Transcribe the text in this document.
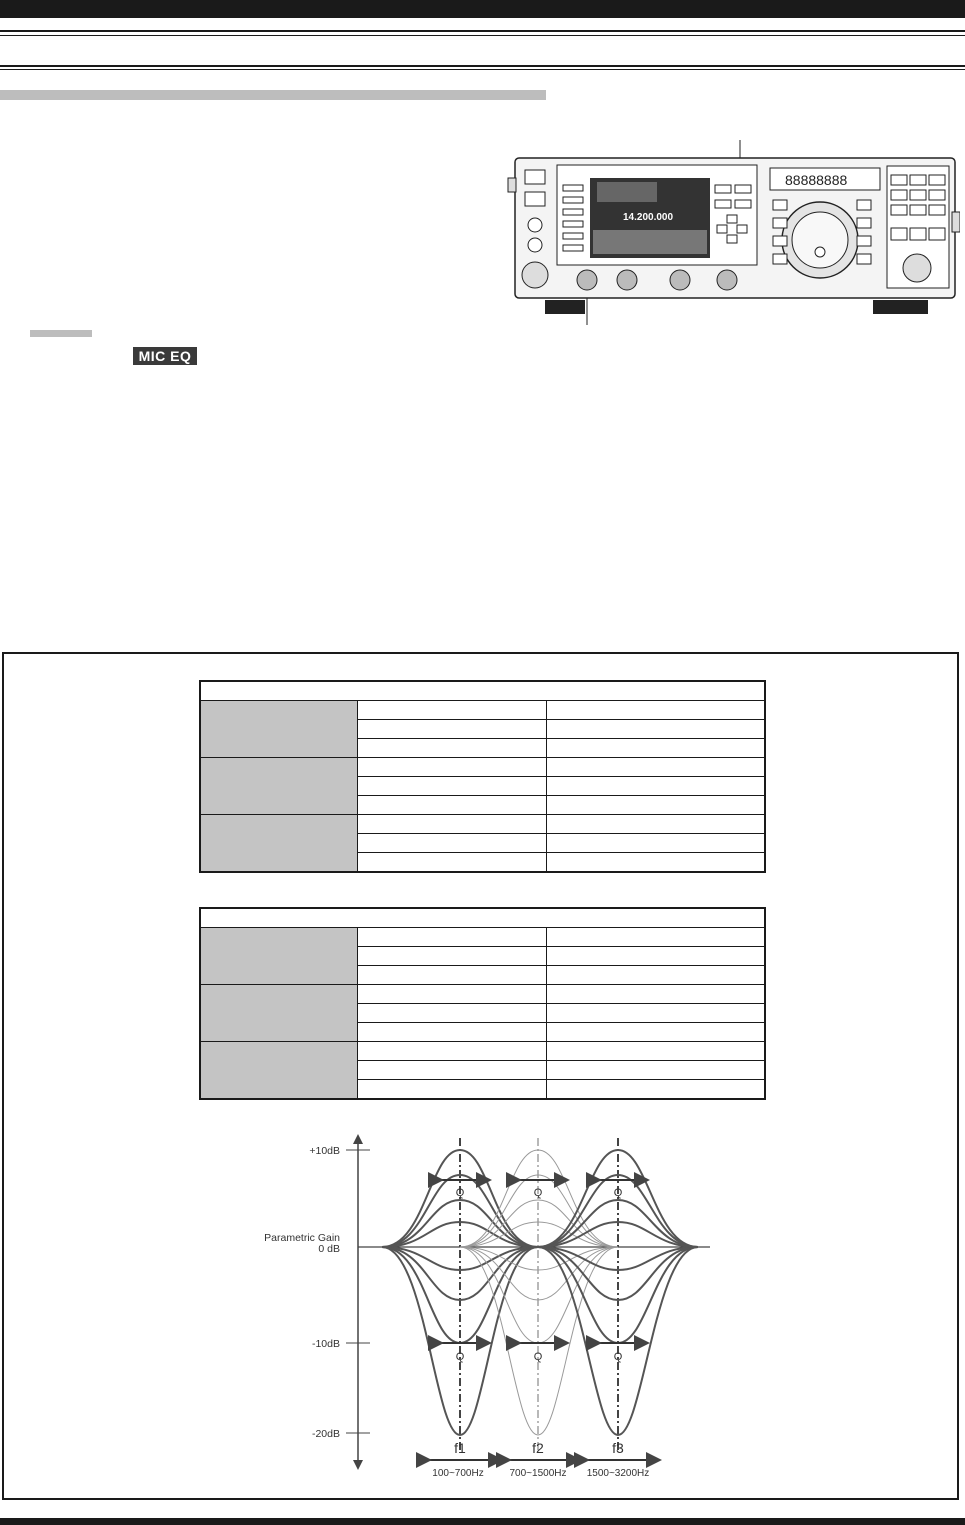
14.200.000
88888888
MIC EQ

+10dB
Parametric Gain
0 dB
-10dB
-20dB
Q	Q	Q
Q	Q	Q
f1	f2	f3
100~700Hz	700~1500Hz 1500~3200Hz
